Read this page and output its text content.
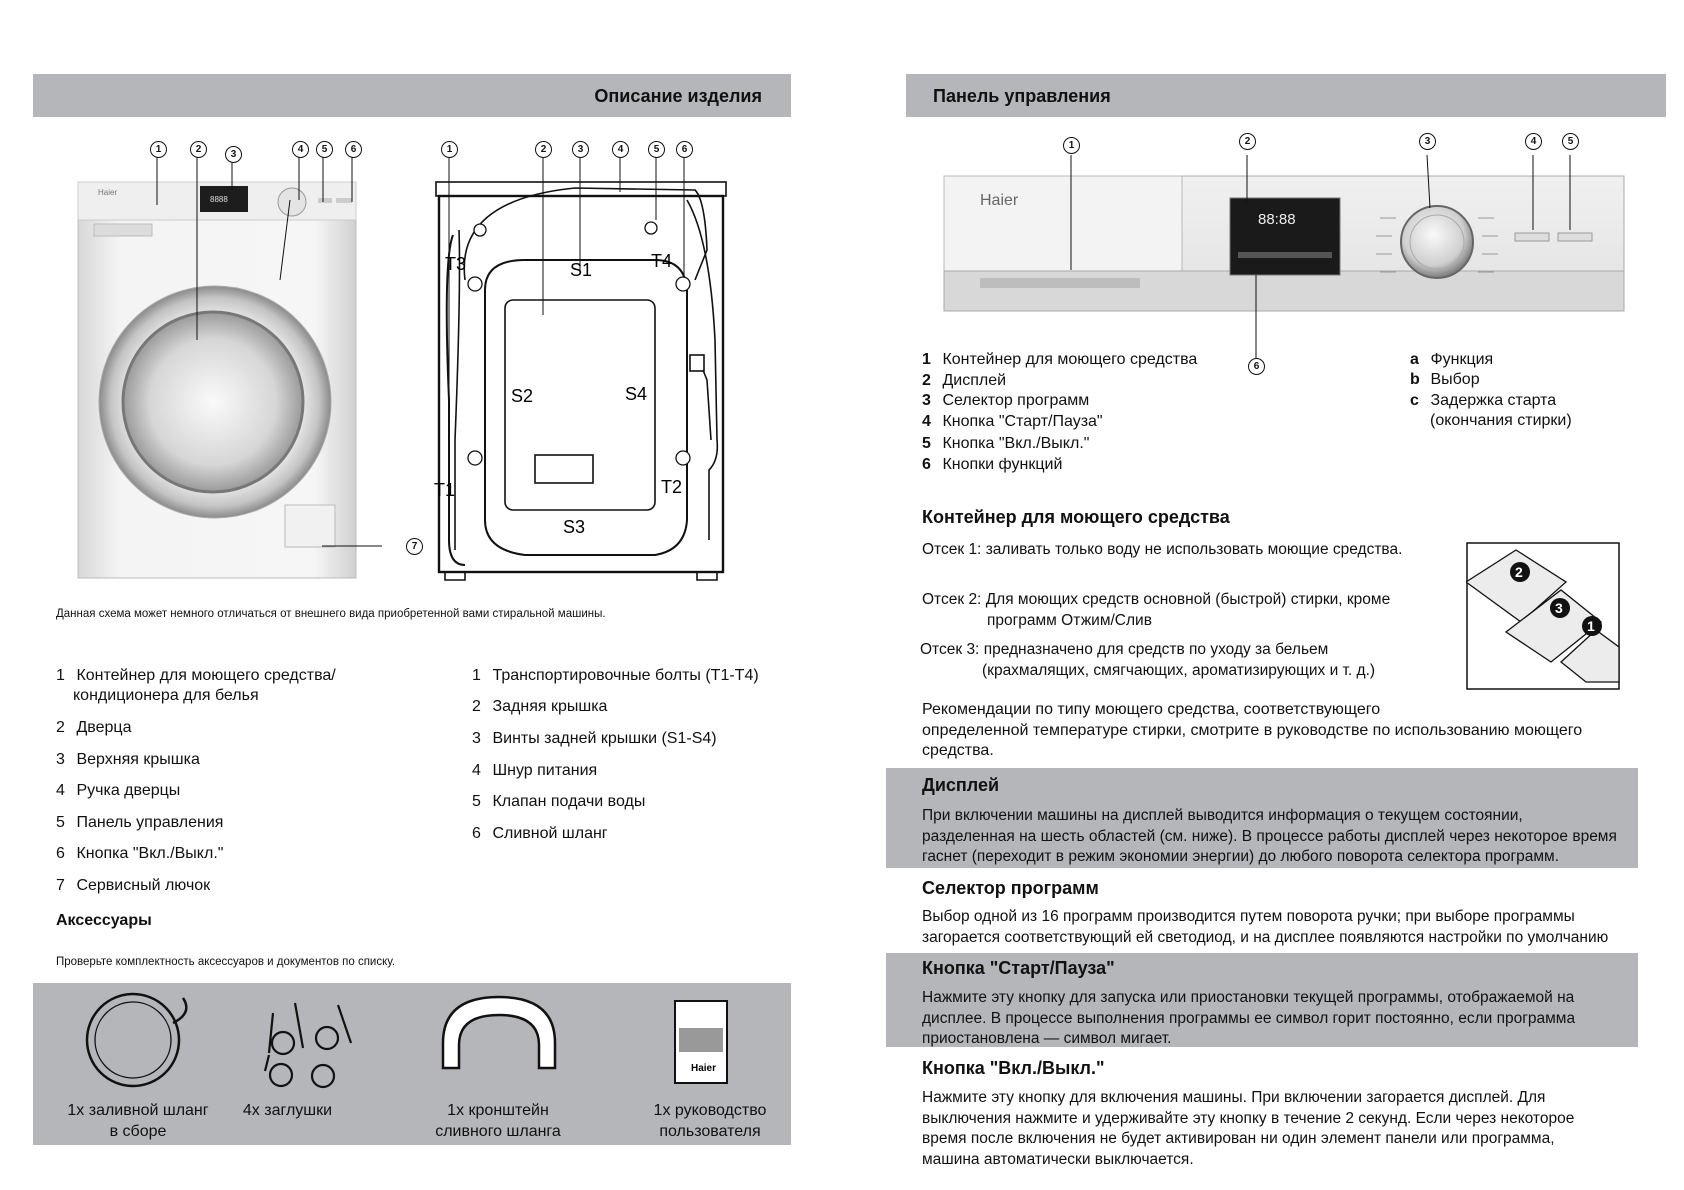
Описание изделия
Haier
8888
1	2	3	4	5	6
7
T3	S1	T4
S2	S4
T1	T2
S3
1	2	3	4	5	6
Данная схема может немного отличаться от внешнего вида приобретенной вами стиральной машины.
1 Контейнер для моющего средства/
кондиционера для белья
2 Дверца
3 Верхняя крышка
4 Ручка дверцы
5 Панель управления
6 Кнопка "Вкл./Выкл."
7 Сервисный лючок
1 Транспортировочные болты (T1-T4)
2 Задняя крышка
3 Винты задней крышки (S1-S4)
4 Шнур питания
5 Клапан подачи воды
6 Сливной шланг
Аксессуары
Проверьте комплектность аксессуаров и документов по списку.
Haier
1x заливной шланг
в сборе
4x заглушки	1x кронштейн
сливного шланга
1x руководство
пользователя
Панель управления
Haier
88:88
1	2	3	4	5
6
1 Контейнер для моющего средства
2 Дисплей
3 Селектор программ
4 Кнопка "Старт/Пауза"
5 Кнопка "Вкл./Выкл."
6 Кнопки функций
a Функция
b Выбор
c Задержка старта
(окончания стирки)
Контейнер для моющего средства
Отсек 1: заливать только воду не использовать моющие средства.
Отсек 2: Для моющих средств основной (быстрой) стирки, кроме
программ Отжим/Слив
Отсек 3: предназначено для средств по уходу за бельем
(крахмалящих, смягчающих, ароматизирующих и т. д.)
2
3
1
Рекомендации по типу моющего средства, соответствующего
определенной температуре стирки, смотрите в руководстве по использованию моющего
средства.
Дисплей
При включении машины на дисплей выводится информация о текущем состоянии,
разделенная на шесть областей (см. ниже). В процессе работы дисплей через некоторое время
гаснет (переходит в режим экономии энергии) до любого поворота селектора программ.
Селектор программ
Выбор одной из 16 программ производится путем поворота ручки; при выборе программы
загорается соответствующий ей светодиод, и на дисплее появляются настройки по умолчанию
Кнопка "Старт/Пауза"
Нажмите эту кнопку для запуска или приостановки текущей программы, отображаемой на
дисплее. В процессе выполнения программы ее символ горит постоянно, если программа
приостановлена — символ мигает.
Кнопка "Вкл./Выкл."
Нажмите эту кнопку для включения машины. При включении загорается дисплей. Для
выключения нажмите и удерживайте эту кнопку в течение 2 секунд. Если через некоторое
время после включения не будет активирован ни один элемент панели или программа,
машина автоматически выключается.
